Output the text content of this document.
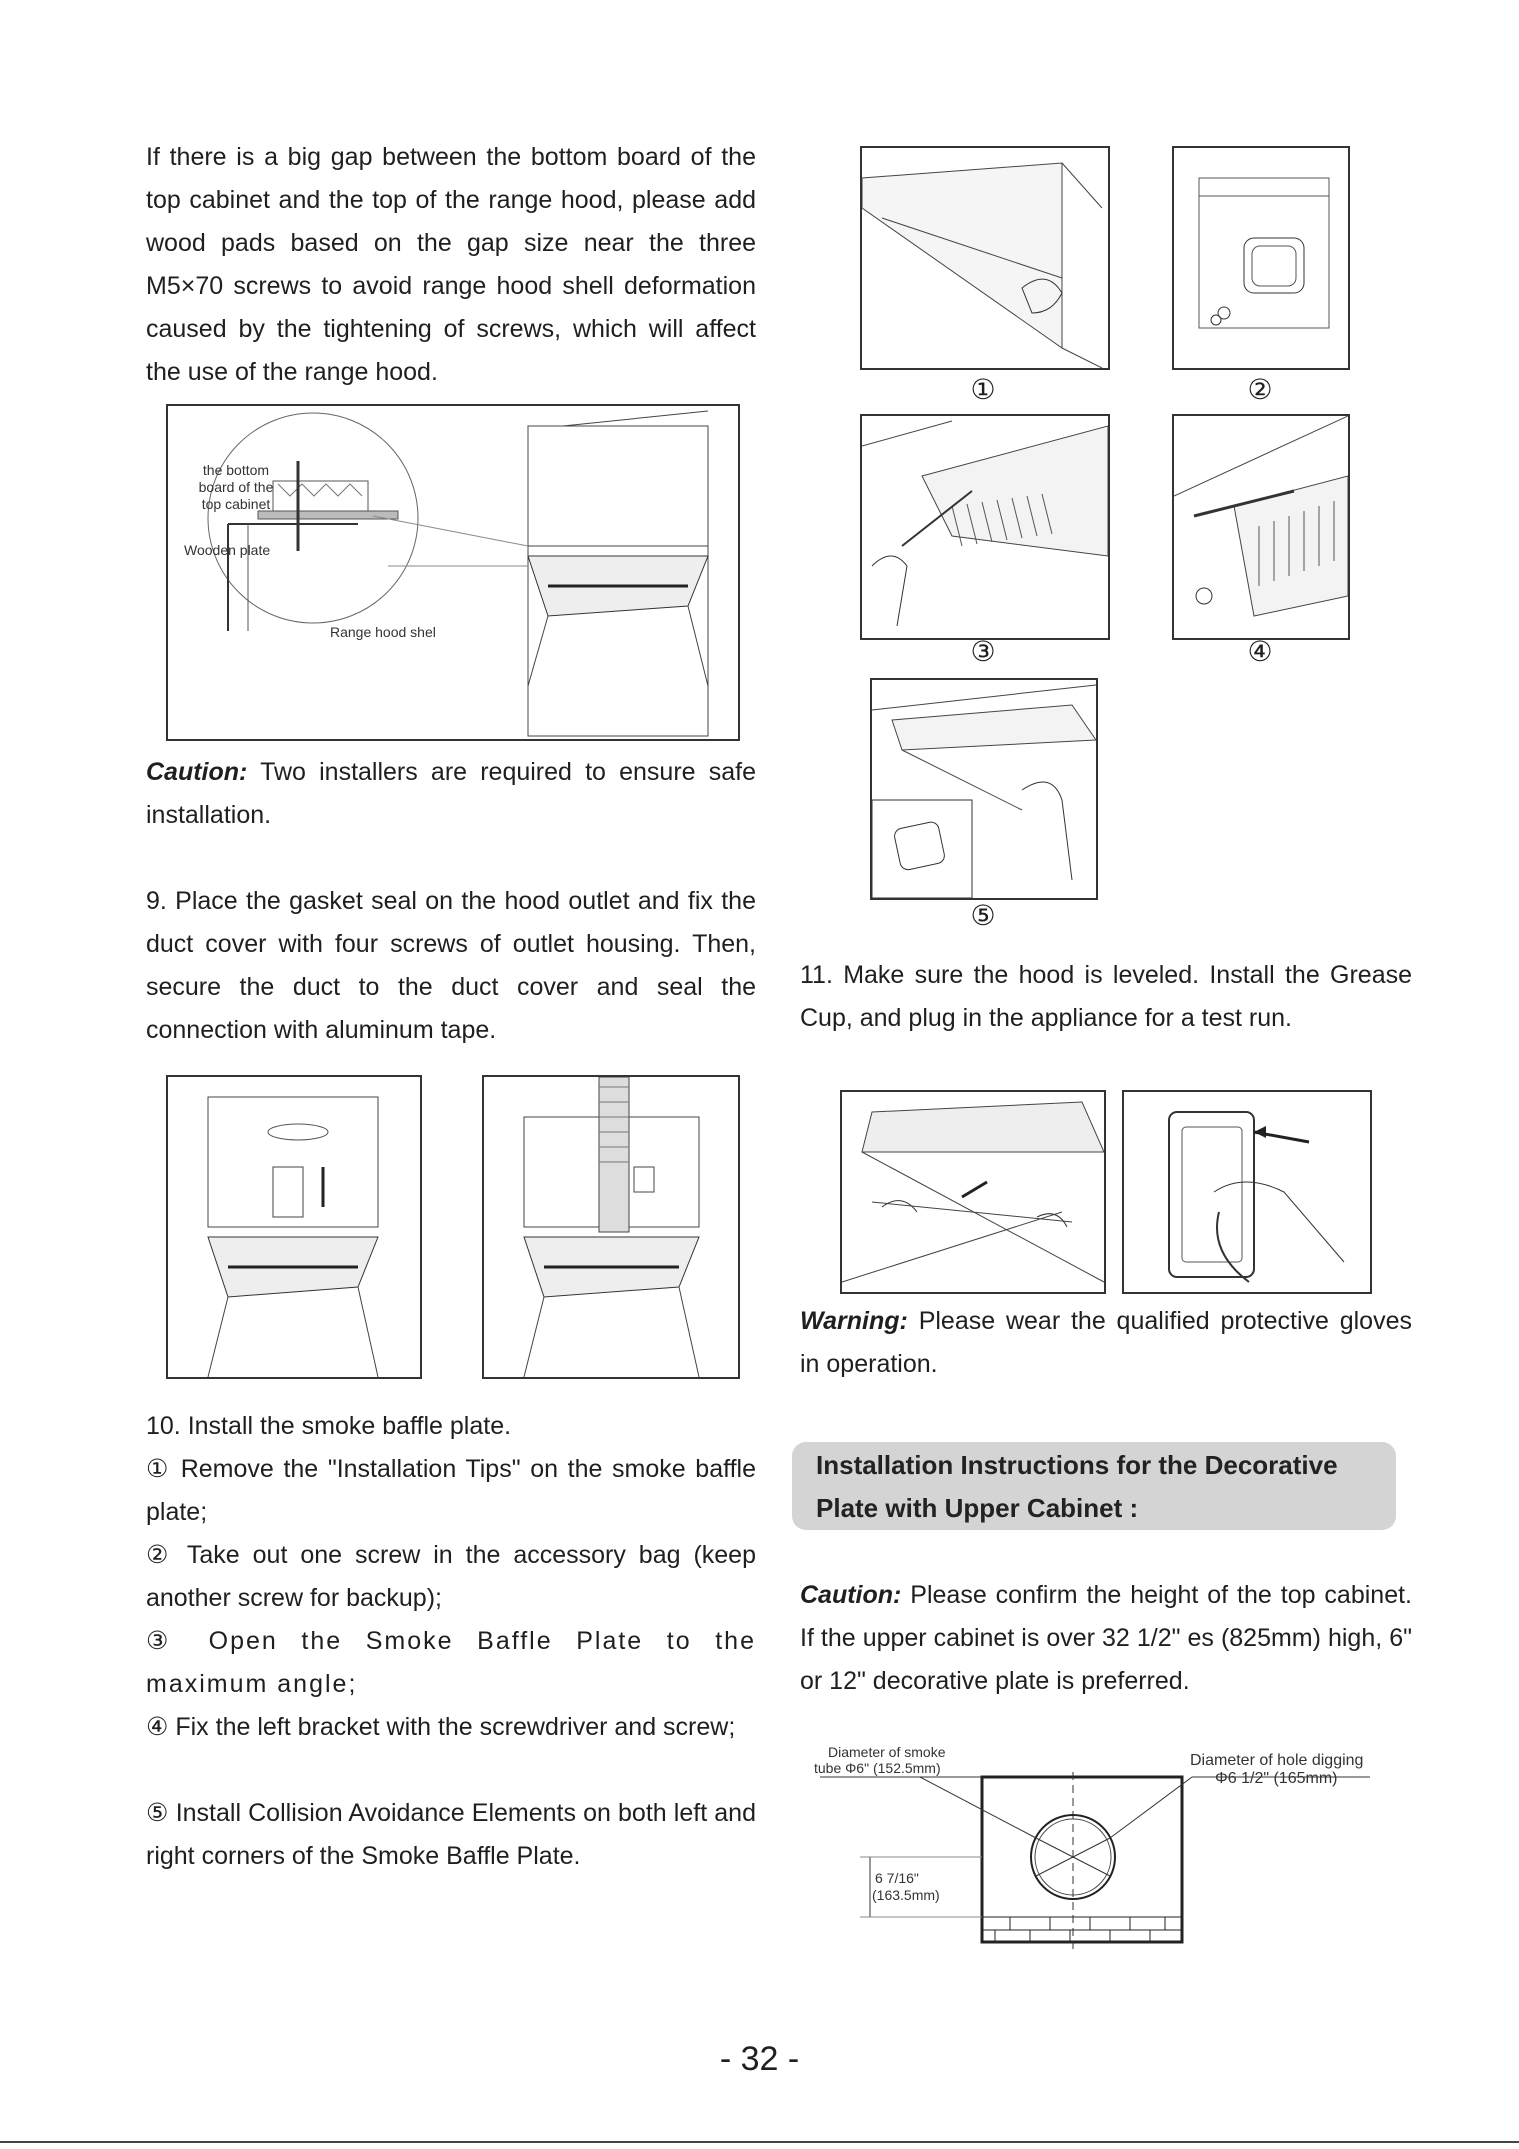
If there is a big gap between the bottom board of the top cabinet and the top of the range hood, please add wood pads based on the gap size near the three M5×70 screws to avoid range hood shell deformation caused by the tightening of screws, which will affect the use of the range hood.

the bottom board of the top cabinet
Wooden plate
Range hood shel

Caution: Two installers are required to ensure safe installation.

9. Place the gasket seal on the hood outlet and fix the duct cover with four screws of outlet housing. Then, secure the duct to the duct cover and seal the connection with aluminum tape.

10. Install the smoke baffle plate.

① Remove the "Installation Tips" on the smoke baffle plate;

② Take out one screw in the accessory bag (keep another screw for backup);

③ Open the Smoke Baffle Plate to the maximum angle;

④ Fix the left bracket with the screwdriver and screw;

⑤ Install Collision Avoidance Elements on both left and right corners of the Smoke Baffle Plate.

①	②
③	④
⑤

11. Make sure the hood is leveled. Install the Grease Cup, and plug in the appliance for a test run.

Warning: Please wear the qualified protective gloves in operation.

Installation Instructions for the Decorative Plate with Upper Cabinet :

Caution: Please confirm the height of the top cabinet. If the upper cabinet is over 32 1/2" es (825mm) high, 6" or 12" decorative plate is preferred.

Diameter of smoke
tube Φ6" (152.5mm)	Diameter of hole digging
Φ6 1/2" (165mm)
6 7/16"
(163.5mm)
- 32 -
